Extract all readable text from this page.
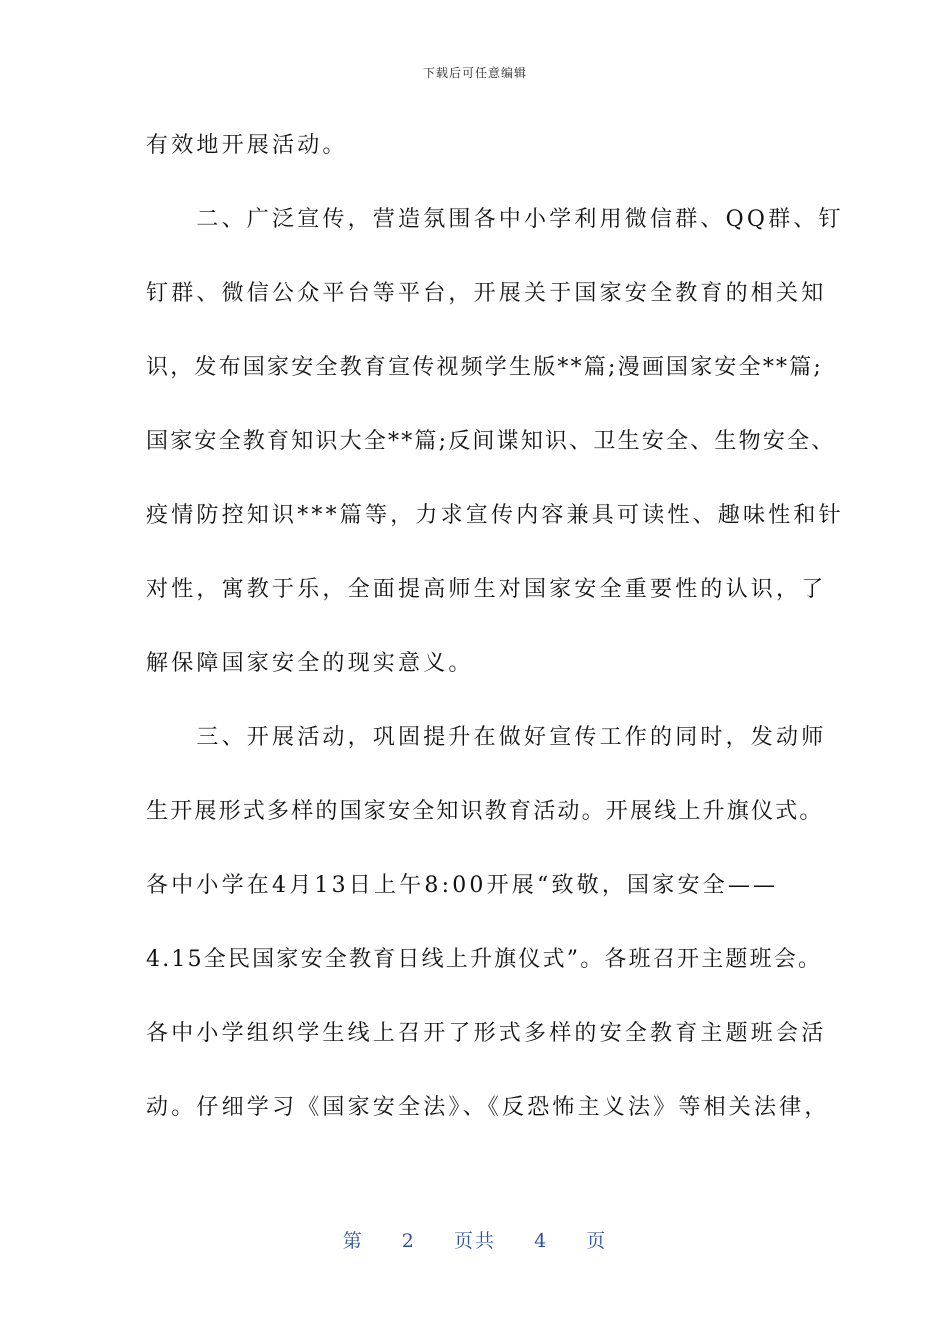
下载后可任意编辑
有效地开展活动。
　　二、广泛宣传，营造氛围各中小学利用微信群、QQ群、钉
钉群、微信公众平台等平台，开展关于国家安全教育的相关知
识，发布国家安全教育宣传视频学生版**篇;漫画国家安全**篇;
国家安全教育知识大全**篇;反间谍知识、卫生安全、生物安全、
疫情防控知识***篇等，力求宣传内容兼具可读性、趣味性和针
对性，寓教于乐，全面提高师生对国家安全重要性的认识，了
解保障国家安全的现实意义。
　　三、开展活动，巩固提升在做好宣传工作的同时，发动师
生开展形式多样的国家安全知识教育活动。开展线上升旗仪式。
各中小学在4月13日上午8:00开展“致敬，国家安全——
4.15全民国家安全教育日线上升旗仪式”。各班召开主题班会。
各中小学组织学生线上召开了形式多样的安全教育主题班会活
动。仔细学习《国家安全法》、《反恐怖主义法》等相关法律，
第 2 页共 4 页
